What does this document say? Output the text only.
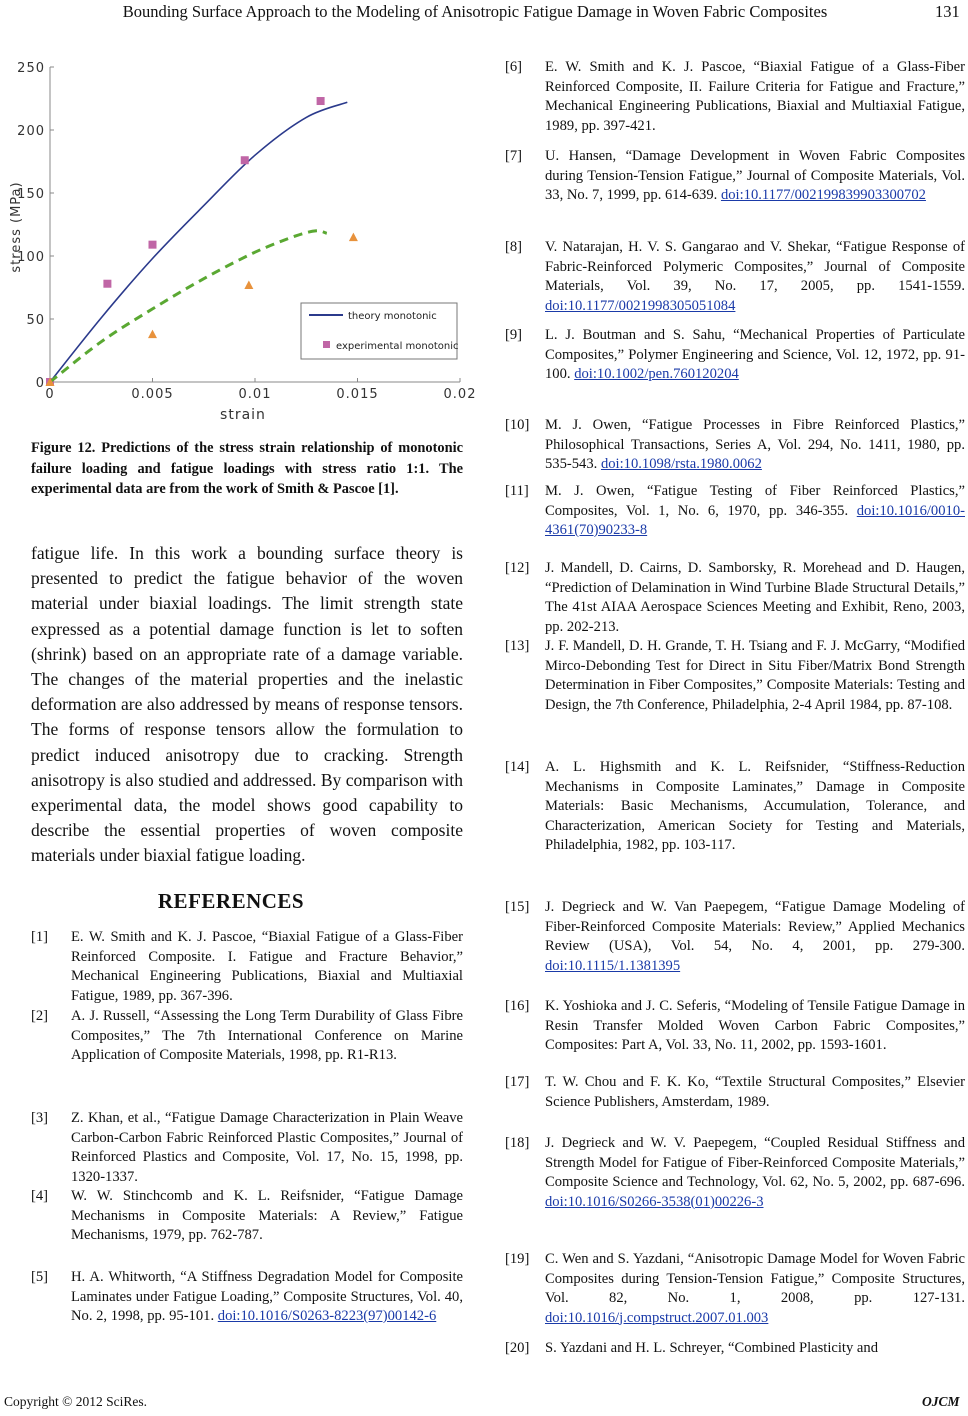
Bounding Surface Approach to the Modeling of Anisotropic Fatigue Damage in Woven Fabric Composites	131
0	0.005	0.01	0.015	0.02
0
50
100
150
200
250
stress (MPa)
strain
theory monotonic
experimental monotonic
Figure 12. Predictions of the stress strain relationship of monotonic failure loading and fatigue loadings with stress ratio 1:1. The experimental data are from the work of Smith & Pascoe [1].

fatigue life. In this work a bounding surface theory is presented to predict the fatigue behavior of the woven material under biaxial loadings. The limit strength state expressed as a potential damage function is let to soften (shrink) based on an appropriate rate of a damage variable. The changes of the material properties and the inelastic deformation are also addressed by means of response tensors. The forms of response tensors allow the formulation to predict induced anisotropy due to cracking. Strength anisotropy is also studied and addressed. By comparison with experimental data, the model shows good capability to describe the essential properties of woven composite materials under biaxial fatigue loading.

REFERENCES
[1]	E. W. Smith and K. J. Pascoe, “Biaxial Fatigue of a Glass-Fiber Reinforced Composite. I. Fatigue and Fracture Behavior,” Mechanical Engineering Publications, Biaxial and Multiaxial Fatigue, 1989, pp. 367-396.
[2]	A. J. Russell, “Assessing the Long Term Durability of Glass Fibre Composites,” The 7th International Conference on Marine Application of Composite Materials, 1998, pp. R1-R13.
[3]	Z. Khan, et al., “Fatigue Damage Characterization in Plain Weave Carbon-Carbon Fabric Reinforced Plastic Composites,” Journal of Reinforced Plastics and Composite, Vol. 17, No. 15, 1998, pp. 1320-1337.
[4]	W. W. Stinchcomb and K. L. Reifsnider, “Fatigue Damage Mechanisms in Composite Materials: A Review,” Fatigue Mechanisms, 1979, pp. 762-787.
[5]	H. A. Whitworth, “A Stiffness Degradation Model for Composite Laminates under Fatigue Loading,” Composite Structures, Vol. 40, No. 2, 1998, pp. 95-101. doi:10.1016/S0263-8223(97)00142-6
[6]	E. W. Smith and K. J. Pascoe, “Biaxial Fatigue of a Glass-Fiber Reinforced Composite, II. Failure Criteria for Fatigue and Fracture,” Mechanical Engineering Publications, Biaxial and Multiaxial Fatigue, 1989, pp. 397-421.
[7]	U. Hansen, “Damage Development in Woven Fabric Composites during Tension-Tension Fatigue,” Journal of Composite Materials, Vol. 33, No. 7, 1999, pp. 614-639. doi:10.1177/002199839903300702
[8]	V. Natarajan, H. V. S. Gangarao and V. Shekar, “Fatigue Response of Fabric-Reinforced Polymeric Composites,” Journal of Composite Materials, Vol. 39, No. 17, 2005, pp. 1541-1559. doi:10.1177/0021998305051084
[9]	L. J. Boutman and S. Sahu, “Mechanical Properties of Particulate Composites,” Polymer Engineering and Science, Vol. 12, 1972, pp. 91-100. doi:10.1002/pen.760120204
[10]	M. J. Owen, “Fatigue Processes in Fibre Reinforced Plastics,” Philosophical Transactions, Series A, Vol. 294, No. 1411, 1980, pp. 535-543. doi:10.1098/rsta.1980.0062
[11]	M. J. Owen, “Fatigue Testing of Fiber Reinforced Plastics,” Composites, Vol. 1, No. 6, 1970, pp. 346-355. doi:10.1016/0010-4361(70)90233-8
[12]	J. Mandell, D. Cairns, D. Samborsky, R. Morehead and D. Haugen, “Prediction of Delamination in Wind Turbine Blade Structural Details,” The 41st AIAA Aerospace Sciences Meeting and Exhibit, Reno, 2003, pp. 202-213.
[13]	J. F. Mandell, D. H. Grande, T. H. Tsiang and F. J. McGarry, “Modified Mirco-Debonding Test for Direct in Situ Fiber/Matrix Bond Strength Determination in Fiber Composites,” Composite Materials: Testing and Design, the 7th Conference, Philadelphia, 2-4 April 1984, pp. 87-108.
[14]	A. L. Highsmith and K. L. Reifsnider, “Stiffness-Reduction Mechanisms in Composite Laminates,” Damage in Composite Materials: Basic Mechanisms, Accumulation, Tolerance, and Characterization, American Society for Testing and Materials, Philadelphia, 1982, pp. 103-117.
[15]	J. Degrieck and W. Van Paepegem, “Fatigue Damage Modeling of Fiber-Reinforced Composite Materials: Review,” Applied Mechanics Review (USA), Vol. 54, No. 4, 2001, pp. 279-300. doi:10.1115/1.1381395
[16]	K. Yoshioka and J. C. Seferis, “Modeling of Tensile Fatigue Damage in Resin Transfer Molded Woven Carbon Fabric Composites,” Composites: Part A, Vol. 33, No. 11, 2002, pp. 1593-1601.
[17]	T. W. Chou and F. K. Ko, “Textile Structural Composites,” Elsevier Science Publishers, Amsterdam, 1989.
[18]	J. Degrieck and W. V. Paepegem, “Coupled Residual Stiffness and Strength Model for Fatigue of Fiber-Reinforced Composite Materials,” Composite Science and Technology, Vol. 62, No. 5, 2002, pp. 687-696. doi:10.1016/S0266-3538(01)00226-3
[19]	C. Wen and S. Yazdani, “Anisotropic Damage Model for Woven Fabric Composites during Tension-Tension Fatigue,” Composite Structures, Vol. 82, No. 1, 2008, pp. 127-131. doi:10.1016/j.compstruct.2007.01.003
[20]	S. Yazdani and H. L. Schreyer, “Combined Plasticity and
Copyright © 2012 SciRes.	OJCM
